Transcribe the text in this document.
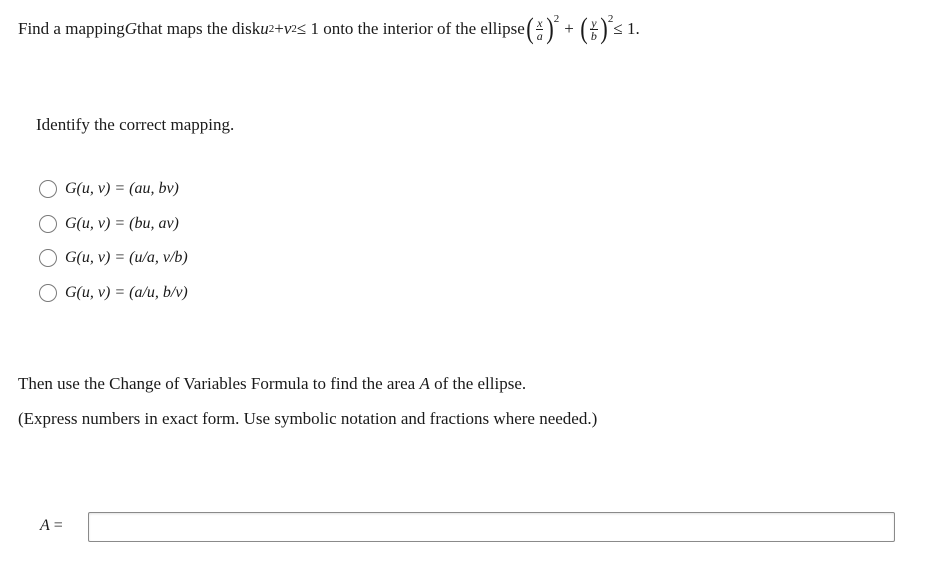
Find a mapping G that maps the disk u 2 + v 2 ≤ 1 onto the interior of the ellipse ( $\frac{x}{a} )^2$ + ( $\frac{y}{b} )^2 \le 1$.
Identify the correct mapping.
G(u, v) = (au, bv)
G(u, v) = (bu, av)
G(u, v) = (u/a, v/b)
G(u, v) = (a/u, b/v)
Then use the Change of Variables Formula to find the area A of the ellipse.
(Express numbers in exact form. Use symbolic notation and fractions where needed.)
A =
